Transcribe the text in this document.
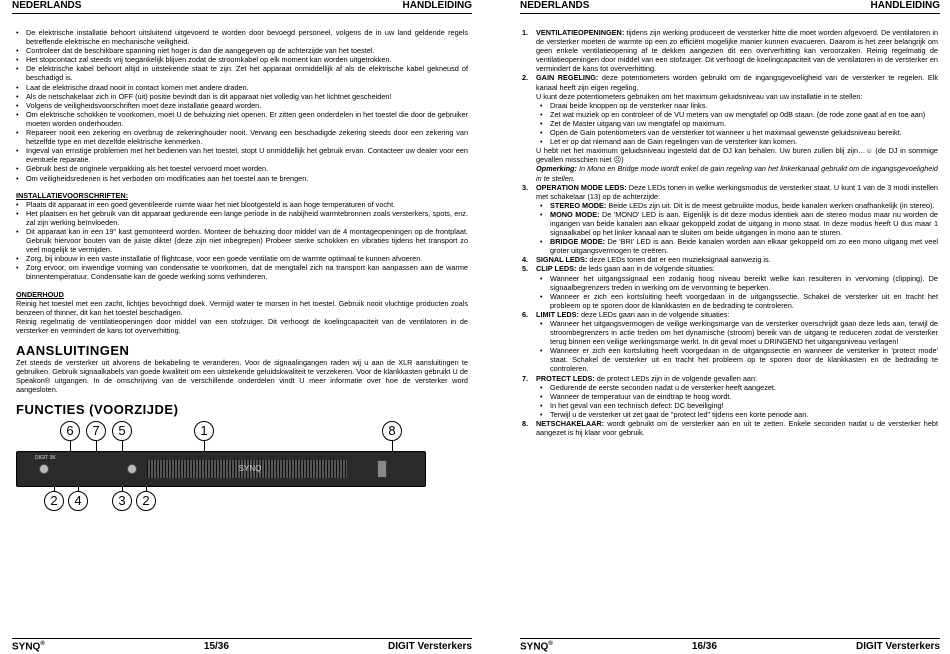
NEDERLANDS	HANDLEIDING
• De elektrische installatie behoort uitsluitend uitgevoerd te worden door bevoegd personeel, volgens de in uw land geldende regels betreffende elektrische en mechanische veiligheid.
• Controleer dat de beschikbare spanning niet hoger is dan die aangegeven op de achterzijde van het toestel.
• Het stopcontact zal steeds vrij toegankelijk blijven zodat de stroomkabel op elk moment kan worden uitgetrokken.
• De elektrische kabel behoort altijd in uitstekende staat te zijn. Zet het apparaat onmiddellijk af als de elektrische kabel gekneusd of beschadigd is.
• Laat de elektrische draad nooit in contact komen met andere draden.
• Als de netschakelaar zich in OFF (uit) positie bevindt dan is dit apparaat niet volledig van het lichtnet gescheiden!
• Volgens de veiligheidsvoorschriften moet deze installatie geaard worden.
• Om elektrische schokken te voorkomen, moet U de behuizing niet openen. Er zitten geen onderdelen in het toestel die door de gebruiker moeten worden onderhouden.
• Repareer nooit een zekering en overbrug de zekeringhouder nooit. Vervang een beschadigde zekering steeds door een zekering van hetzelfde type en met dezelfde elektrische kenmerken.
• Ingeval van ernstige problemen met het bedienen van het toestel, stopt U onmiddellijk het gebruik ervan. Contacteer uw dealer voor een eventuele reparatie.
• Gebruik best de originele verpakking als het toestel vervoerd moet worden.
• Om veiligheidsredenen is het verboden om modificaties aan het toestel aan te brengen.
INSTALLATIEVOORSCHRIFTEN:
• Plaats dit apparaat in een goed geventileerde ruimte waar het niet blootgesteld is aan hoge temperaturen of vocht.
• Het plaatsen en het gebruik van dit apparaat gedurende een lange periode in de nabijheid warmtebronnen zoals versterkers, spots, enz. zal zijn werking beïnvloeden.
• Dit apparaat kan in een 19" kast gemonteerd worden. Monteer de behuizing door middel van de 4 montageopeningen op de frontplaat. Gebruik hiervoor bouten van de juiste dikte! (deze zijn niet inbegrepen) Probeer sterke schokken en vibraties tijdens het transport zo veel mogelijk te vermijden.
• Zorg, bij inbouw in een vaste installatie of flightcase, voor een goede ventilatie om de warmte optimaal te kunnen afvoeren.
• Zorg ervoor, om inwendige vorming van condensatie te voorkomen, dat de mengtafel zich na transport kan aanpassen aan de warme binnentemperatuur. Condensatie kan de goede werking soms verhinderen.
ONDERHOUD
Reinig het toestel met een zacht, lichtjes bevochtigd doek. Vermijd water te morsen in het toestel. Gebruik nooit vluchtige producten zoals benzeen of thinner, dit kan het toestel beschadigen.
Reinig regelmatig de ventilatieopeningen door middel van een stofzuiger. Dit verhoogt de koelingcapaciteit van de ventilatoren in de versterker en vermindert de kans tot oververhitting.
AANSLUITINGEN
Zet steeds de versterker uit alvorens de bekabeling te veranderen. Voor de signaalingangen raden wij u aan de XLR aansluitingen te gebruiken. Gebruik signaalkabels van goede kwaliteit om een uitstekende geluidskwaliteit te verzekeren. Voor de klankkasten gebruikt U de Speakon® uitgangen. In de omschrijving van de verschillende onderdelen vindt U meer informatie over hoe de versterker word aangesloten.
FUNCTIES (VOORZIJDE)
6	7	5	1	8
DIGIT 3K
SYNQ
2	4	3	2
SYNQ®	15/36	DIGIT Versterkers
NEDERLANDS	HANDLEIDING
1. VENTILATIEOPENINGEN: tijdens zijn werking produceert de versterker hitte die moet worden afgevoerd. De ventilatoren in de versterker moeten de warmte op een zo efficiënt mogelijke manier kunnen evacueren. Daarom is het zeer belangrijk om geen enkele ventilatieopening af te dekken aangezien dit een oververhitting kan veroorzaken. Reinig regelmatig de ventilatieopeningen door middel van een stofzuiger. Dit verhoogt de koelingcapaciteit van de ventilatoren in de versterker en vermindert de kans tot oververhitting.
2. GAIN REGELING: deze potentiometers worden gebruikt om de ingangsgevoeligheid van de versterker te regelen. Elk kanaal heeft zijn eigen regeling.
U kunt deze potentiometers gebruiken om het maximum geluidsniveau van uw installatie in te stellen:
• Draai beide knoppen op de versterker naar links.
• Zet wat muziek op en controleer of de VU meters van uw mengtafel op 0dB staan. (de rode zone gaat af en toe aan)
• Zet de Master uitgang van uw mengtafel op maximum.
• Open de Gain potentiometers van de versterker tot wanneer u het maximaal gewenste geluidsniveau bereikt.
• Let er op dat niemand aan de Gain regelingen van de versterker kan komen.
U hebt net het maximum geluidsniveau ingesteld dat de DJ kan behalen. Uw buren zullen blij zijn…☺ (de DJ in sommige gevallen misschien niet ☹)
Opmerking: In Mono en Bridge mode wordt enkel de gain regeling van het linkerkanaal gebruikt om de ingangsgevoeligheid in te stellen.
3. OPERATION MODE LEDS: Deze LEDs tonen in welke werkingsmodus de versterker staat. U kunt 1 van de 3 modi instellen met schakelaar (13) op de achterzijde:
• STEREO MODE: Beide LEDs zijn uit. Dit is de meest gebruikte modus, beide kanalen werken onafhankelijk (in stereo).
• MONO MODE: De 'MONO' LED is aan. Eigenlijk is dit deze modus identiek aan de stereo modus maar nu worden de ingangen van beide kanalen aan elkaar gekoppeld zodat de uitgang in mono staat. In deze modus heeft U dus maar 1 signaalkabel op het linker kanaal aan te sluiten om beide uitgangen in mono aan te sturen.
• BRIDGE MODE: De 'BRI' LED is aan. Beide kanalen worden aan elkaar gekoppeld om zo een mono uitgang met veel groter uitgangsvermogen te creëren.
4. SIGNAL LEDS: deze LEDs tonen dat er een muzieksignaal aanwezig is.
5. CLIP LEDS: de leds gaan aan in de volgende situaties:
• Wanneer het uitgangssignaal een zodanig hoog niveau bereikt welke kan resulteren in vervoming (clipping). De signaalbegrenzers treden in werking om de vervorming te beperken.
• Wanneer er zich een kortsluiting heeft voorgedaan in de uitgangssectie. Schakel de versterker uit en tracht het probleem op te sporen door de klankkasten en de bedrading te controleren.
6. LIMIT LEDS: deze LEDs gaan aan in de volgende situaties:
• Wanneer het uitgangsvermogen de veilige werkingsmarge van de versterker overschrijdt gaan deze leds aan, terwijl de stroombegrenzers in actie treden om het dynamische (stroom) bereik van de uitgang te reduceren zodat de versterker terug binnen een veilige werkingsmarge werkt. In dit geval moet u DRINGEND het uitgangsniveau verlagen!
• Wanneer er zich een kortsluiting heeft voorgedaan in de uitgangssectie en wanneer de versterker in 'protect mode' staat. Schakel de versterker uit en tracht het probleem op te sporen door de klankkasten en de bedrading te controleren.
7. PROTECT LEDS: de protect LEDs zijn in de volgende gevallen aan:
• Gedurende de eerste seconden nadat u de versterker heeft aangezet.
• Wanneer de temperatuur van de eindtrap te hoog wordt.
• In het geval van een technisch defect: DC beveiliging!
• Terwijl u de versterker uit zet gaat de "protect led" tijdens een korte periode aan.
8. NETSCHAKELAAR: wordt gebruikt om de versterker aan en uit te zetten. Enkele seconden nadat u de versterker hebt aangezet is hij klaar voor gebruik.
SYNQ®	16/36	DIGIT Versterkers
